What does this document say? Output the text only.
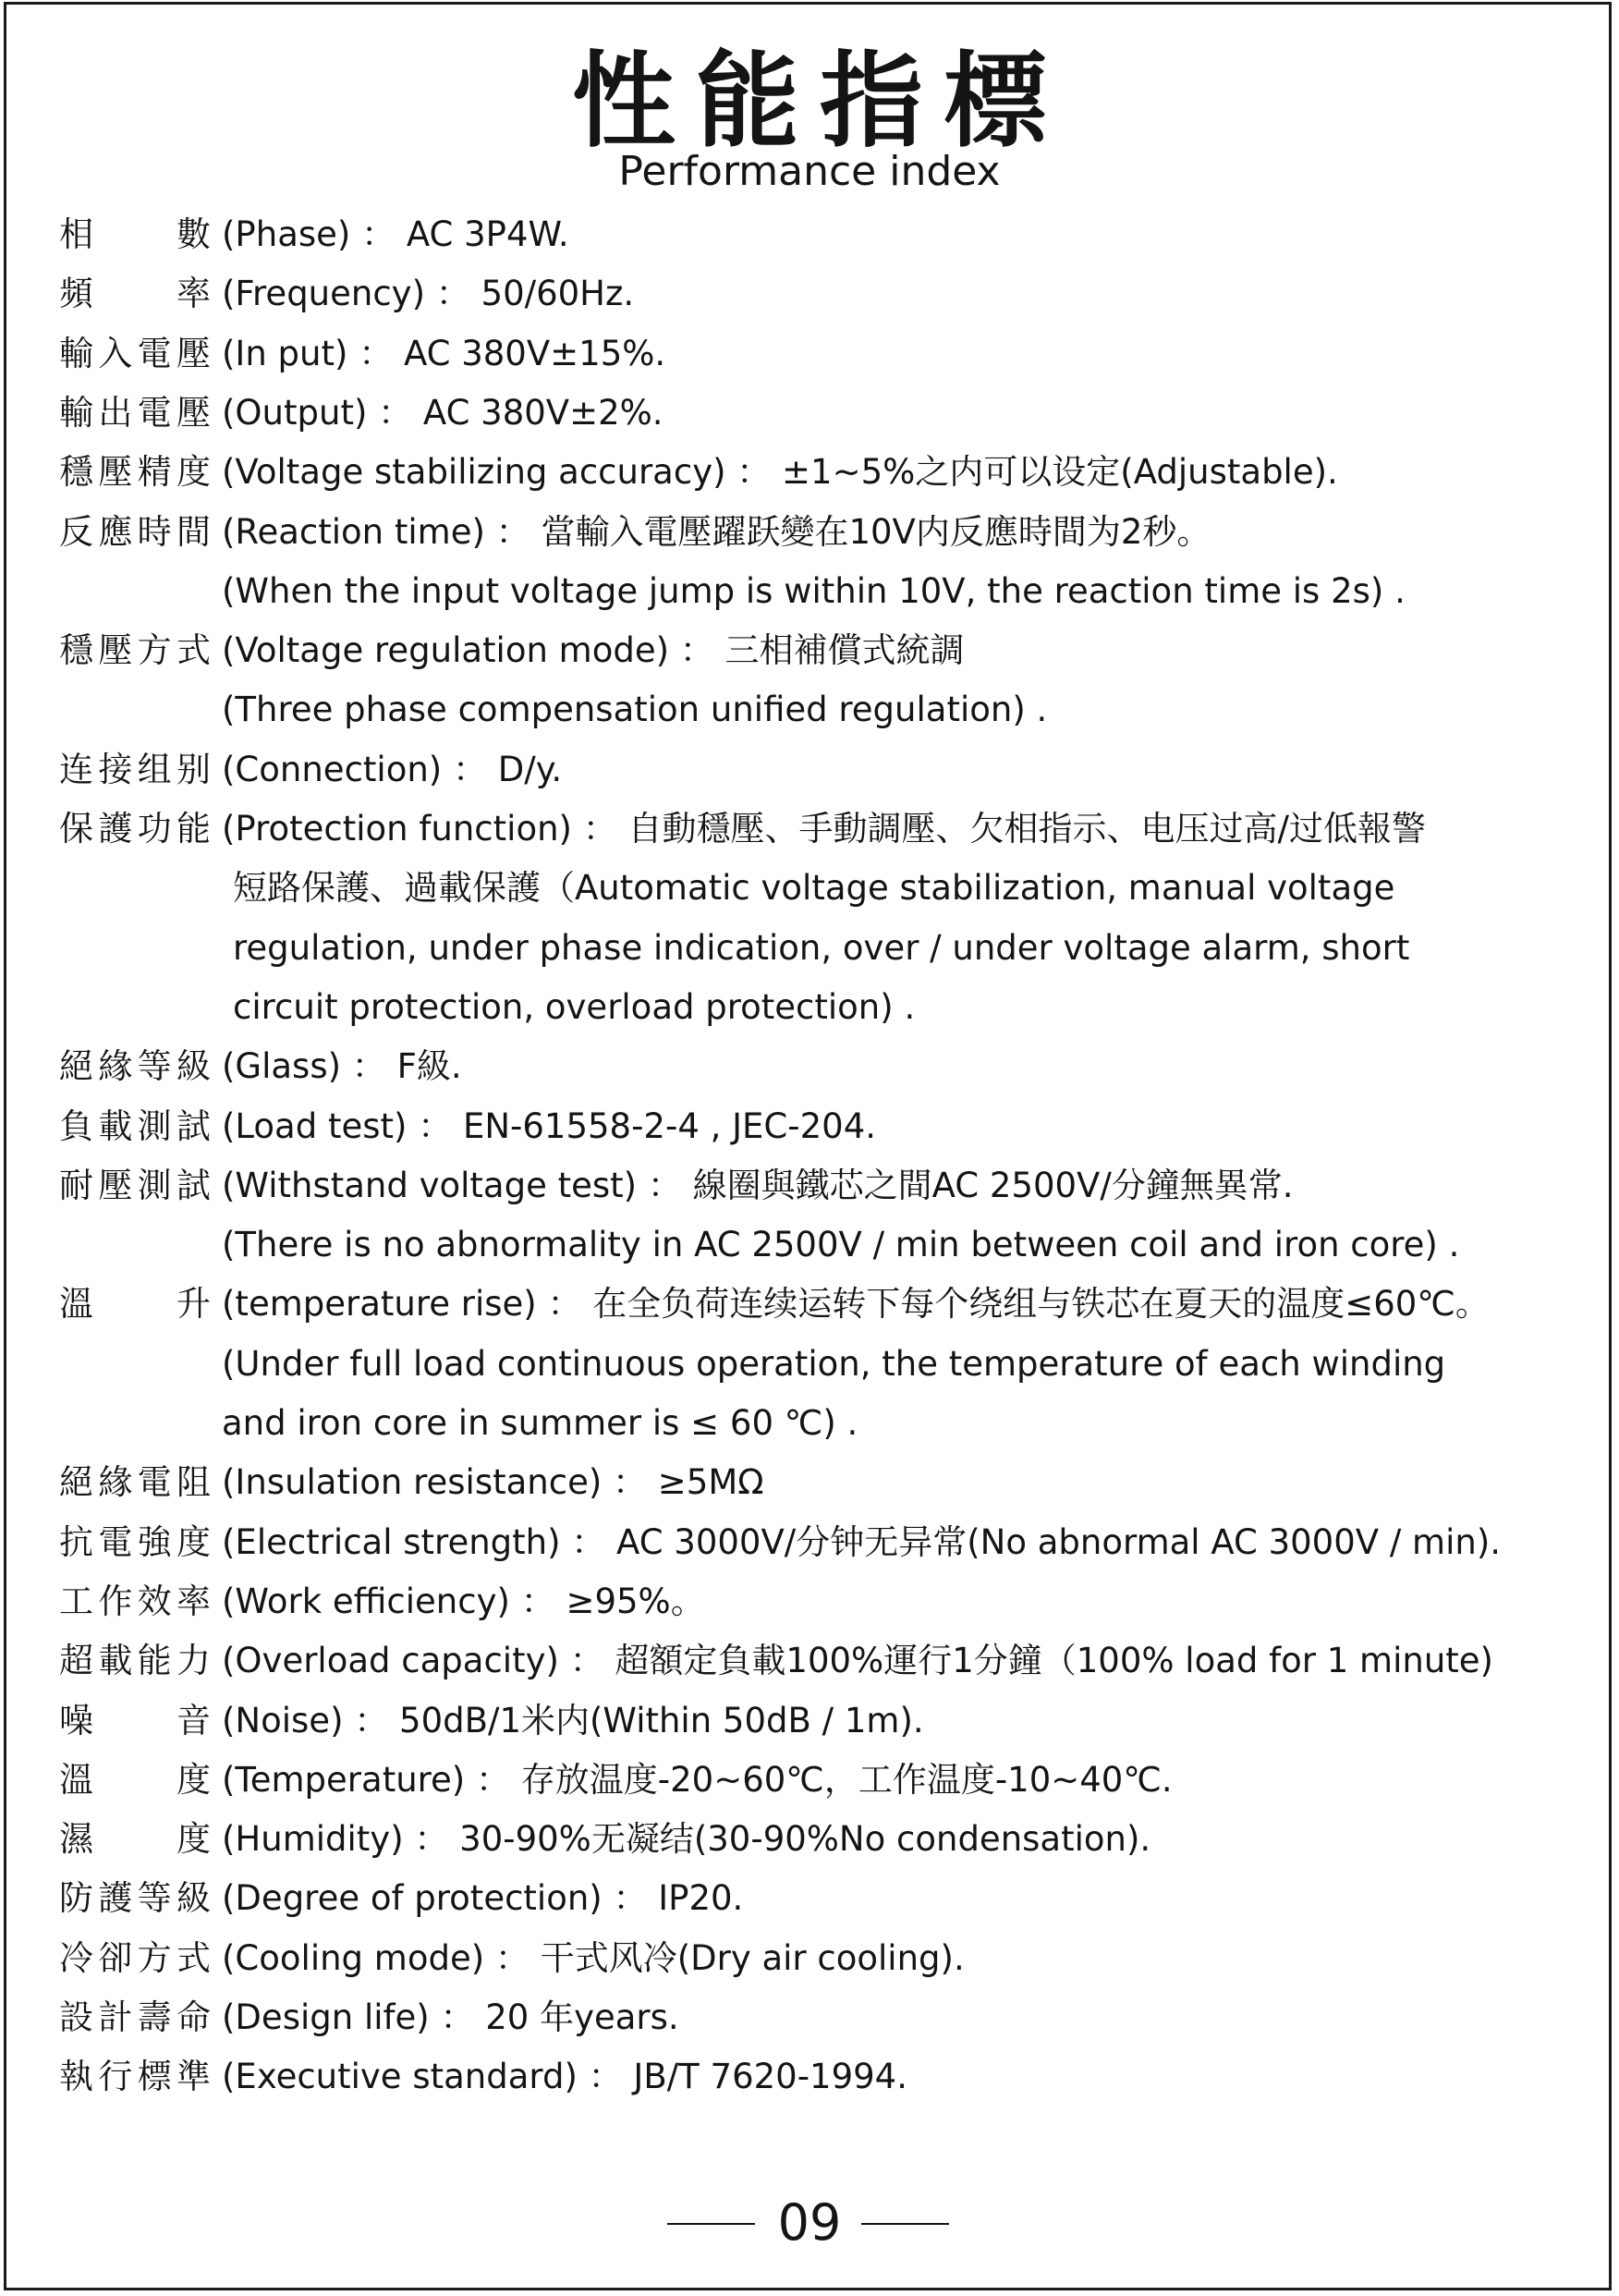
性能指標
Performance index
相數 (Phase) ： AC 3P4W.
頻率 (Frequency) ： 50/60Hz.
輸入電壓 (In put) ： AC 380V±15%.
輸出電壓 (Output) ： AC 380V±2%.
穩壓精度 (Voltage stabilizing accuracy) ： ±1~5%之内可以设定(Adjustable).
反應時間 (Reaction time) ： 當輸入電壓躍跃變在10V内反應時間为2秒。
(When the input voltage jump is within 10V, the reaction time is 2s) .
穩壓方式 (Voltage regulation mode) ： 三相補償式統調
(Three phase compensation unified regulation) .
连接组别 (Connection) ： D/y.
保護功能 (Protection function) ： 自動穩壓、手動調壓、欠相指示、电压过高/过低報警
短路保護、過載保護（Automatic voltage stabilization, manual voltage
regulation, under phase indication, over / under voltage alarm, short
circuit protection, overload protection) .
絕緣等級 (Glass) ： F級.
負載測試 (Load test) ： EN-61558-2-4 , JEC-204.
耐壓測試 (Withstand voltage test) ： 線圈與鐵芯之間AC 2500V/分鐘無異常.
(There is no abnormality in AC 2500V / min between coil and iron core) .
溫升 (temperature rise) ： 在全负荷连续运转下每个绕组与铁芯在夏天的温度≤60℃。
(Under full load continuous operation, the temperature of each winding
and iron core in summer is ≤ 60 ℃) .
絕緣電阻 (Insulation resistance) ： ≥5MΩ
抗電強度 (Electrical strength) ： AC 3000V/分钟无异常(No abnormal AC 3000V / min).
工作效率 (Work efficiency) ： ≥95%。
超載能力 (Overload capacity) ： 超額定負載100%運行1分鐘（100% load for 1 minute)
噪音 (Noise) ： 50dB/1米内(Within 50dB / 1m).
溫度 (Temperature) ： 存放温度-20~60℃，工作温度-10~40℃.
濕度 (Humidity) ： 30-90%无凝结(30-90%No condensation).
防護等級 (Degree of protection) ： IP20.
冷卻方式 (Cooling mode) ： 干式风冷(Dry air cooling).
設計壽命 (Design life) ： 20 年years.
執行標準 (Executive standard) ： JB/T 7620-1994.
09
